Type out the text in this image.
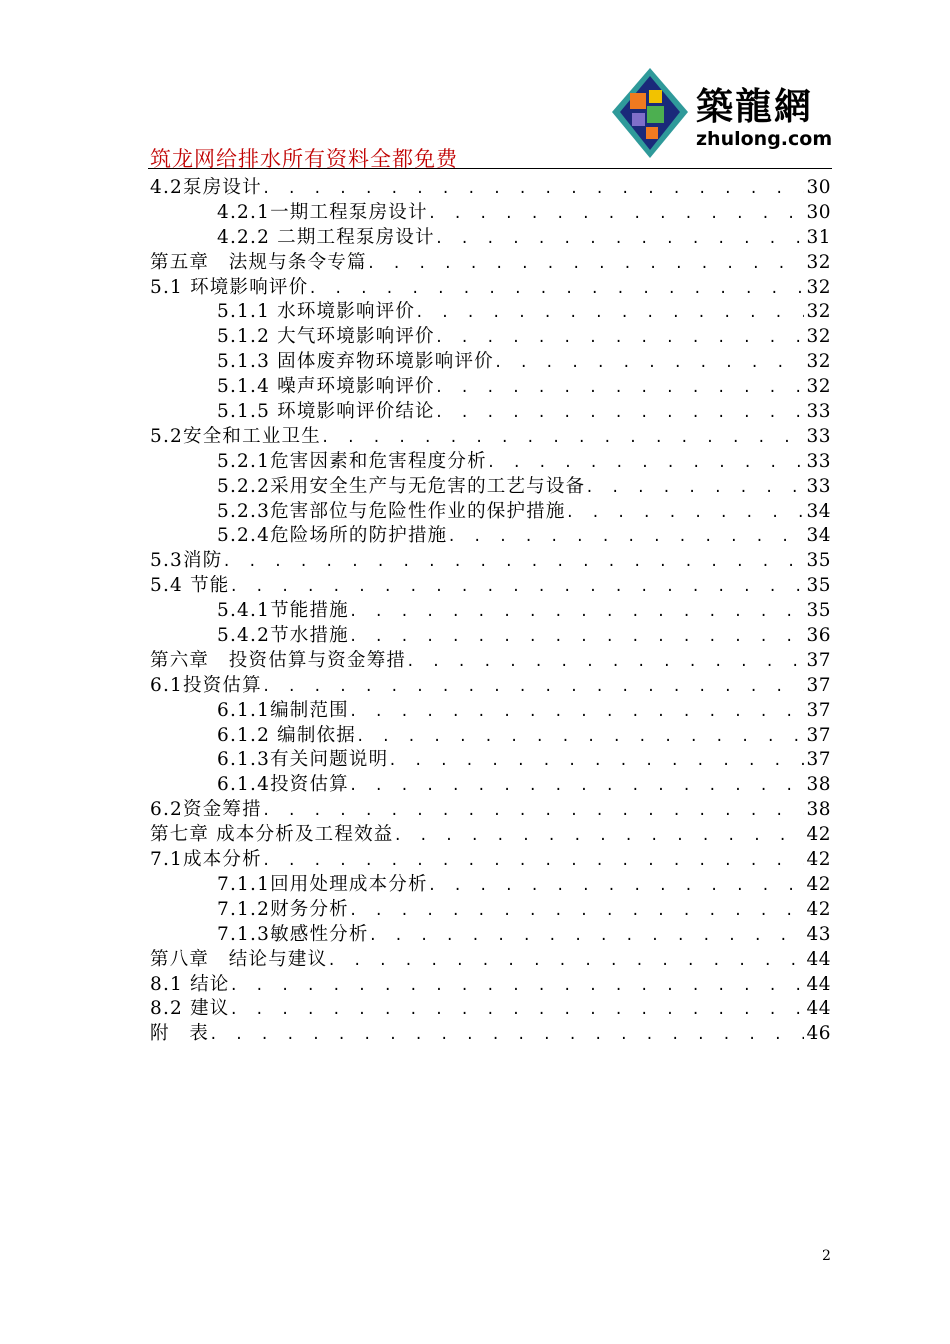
築龍網
zhulong.com
筑龙网给排水所有资料全都免费
4.2泵房设计 . . .	30
4.2.1一期工程泵房设计 . . .	30
4.2.2 二期工程泵房设计 . . .	31
第五章　法规与条令专篇 . . .	32
5.1 环境影响评价 . . .	32
5.1.1 水环境影响评价 . . .	32
5.1.2 大气环境影响评价 . . .	32
5.1.3 固体废弃物环境影响评价 . . .	32
5.1.4 噪声环境影响评价 . . .	32
5.1.5 环境影响评价结论 . . .	33
5.2安全和工业卫生 . . .	33
5.2.1危害因素和危害程度分析 . . .	33
5.2.2采用安全生产与无危害的工艺与设备 . . .	33
5.2.3危害部位与危险性作业的保护措施 . . .	34
5.2.4危险场所的防护措施 . . .	34
5.3消防 . . .	35
5.4 节能 . . .	35
5.4.1节能措施 . . .	35
5.4.2节水措施 . . .	36
第六章　投资估算与资金筹措 . . .	37
6.1投资估算 . . .	37
6.1.1编制范围 . . .	37
6.1.2 编制依据 . . .	37
6.1.3有关问题说明 . . .	37
6.1.4投资估算 . . .	38
6.2资金筹措 . . .	38
第七章 成本分析及工程效益 . . .	42
7.1成本分析 . . .	42
7.1.1回用处理成本分析 . . .	42
7.1.2财务分析 . . .	42
7.1.3敏感性分析 . . .	43
第八章　结论与建议 . . .	44
8.1 结论 . . .	44
8.2 建议 . . .	44
附　表 . . .	46
2
